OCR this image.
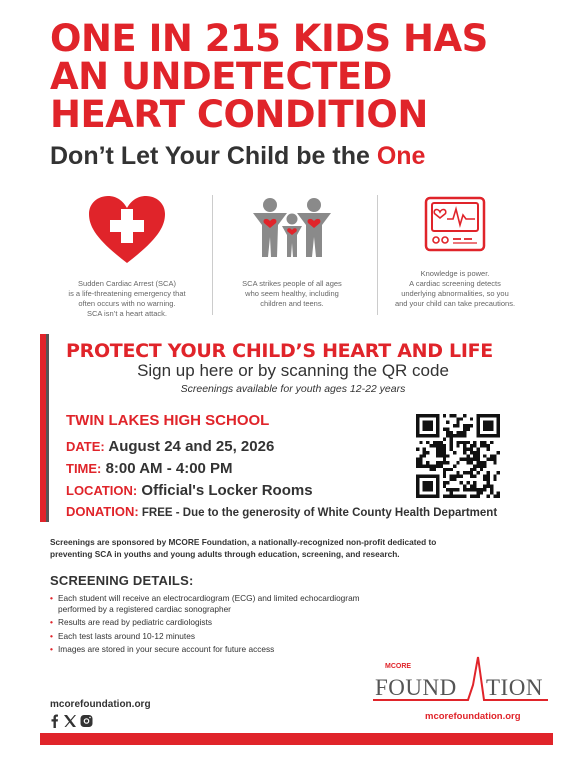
ONE IN 215 KIDS HAS
AN UNDETECTED
HEART CONDITION
Don’t Let Your Child be the One
Sudden Cardiac Arrest (SCA)
is a life-threatening emergency that
often occurs with no warning.
SCA isn’t a heart attack.
SCA strikes people of all ages
who seem healthy, including
children and teens.
Knowledge is power.
A cardiac screening detects
underlying abnormalities, so you
and your child can take precautions.
PROTECT YOUR CHILD’S HEART AND LIFE
Sign up here or by scanning the QR code
Screenings available for youth ages 12-22 years
TWIN LAKES HIGH SCHOOL
DATE: August 24 and 25, 2026
TIME: 8:00 AM - 4:00 PM
LOCATION: Official's Locker Rooms
DONATION: FREE - Due to the generosity of White County Health Department
Screenings are sponsored by MCORE Foundation, a nationally-recognized non-profit dedicated to
preventing SCA in youths and young adults through education, screening, and research.
SCREENING DETAILS:
• Each student will receive an electrocardiogram (ECG) and limited echocardiogram
performed by a registered cardiac sonographer
• Results are read by pediatric cardiologists
• Each test lasts around 10-12 minutes
• Images are stored in your secure account for future access
mcorefoundation.org
MCORE
FOUND TION
mcorefoundation.org
